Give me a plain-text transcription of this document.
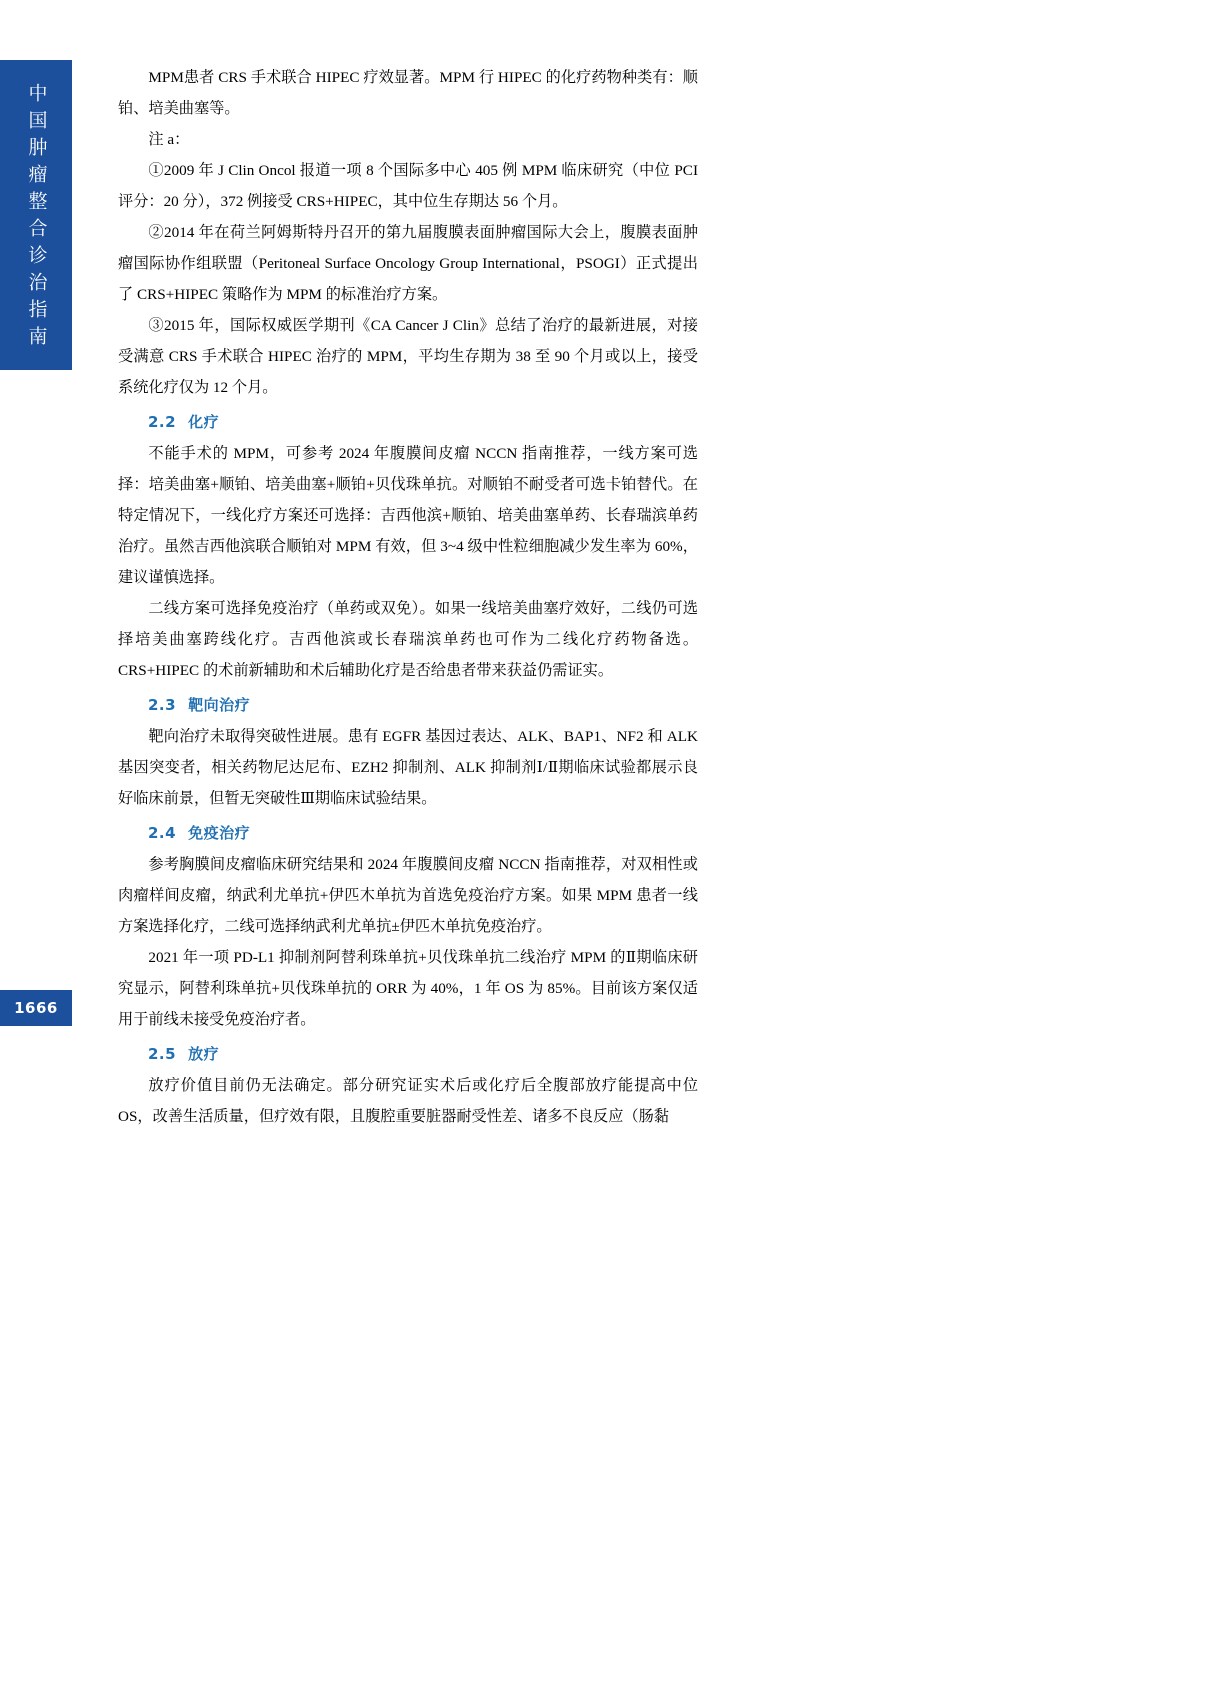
中国肿瘤整合诊治指南
1666

MPM患者 CRS 手术联合 HIPEC 疗效显著。MPM 行 HIPEC 的化疗药物种类有：顺铂、培美曲塞等。

注 a：

①2009 年 J Clin Oncol 报道一项 8 个国际多中心 405 例 MPM 临床研究（中位 PCI 评分：20 分），372 例接受 CRS+HIPEC，其中位生存期达 56 个月。

②2014 年在荷兰阿姆斯特丹召开的第九届腹膜表面肿瘤国际大会上，腹膜表面肿瘤国际协作组联盟（Peritoneal Surface Oncology Group International，PSOGI）正式提出了 CRS+HIPEC 策略作为 MPM 的标准治疗方案。

③2015 年，国际权威医学期刊《CA Cancer J Clin》总结了治疗的最新进展，对接受满意 CRS 手术联合 HIPEC 治疗的 MPM，平均生存期为 38 至 90 个月或以上，接受系统化疗仅为 12 个月。

2.2 化疗

不能手术的 MPM，可参考 2024 年腹膜间皮瘤 NCCN 指南推荐，一线方案可选择：培美曲塞+顺铂、培美曲塞+顺铂+贝伐珠单抗。对顺铂不耐受者可选卡铂替代。在特定情况下，一线化疗方案还可选择：吉西他滨+顺铂、培美曲塞单药、长春瑞滨单药治疗。虽然吉西他滨联合顺铂对 MPM 有效，但 3~4 级中性粒细胞减少发生率为 60%，建议谨慎选择。

二线方案可选择免疫治疗（单药或双免）。如果一线培美曲塞疗效好，二线仍可选择培美曲塞跨线化疗。吉西他滨或长春瑞滨单药也可作为二线化疗药物备选。CRS+HIPEC 的术前新辅助和术后辅助化疗是否给患者带来获益仍需证实。

2.3 靶向治疗

靶向治疗未取得突破性进展。患有 EGFR 基因过表达、ALK、BAP1、NF2 和 ALK 基因突变者，相关药物尼达尼布、EZH2 抑制剂、ALK 抑制剂Ⅰ/Ⅱ期临床试验都展示良好临床前景，但暂无突破性Ⅲ期临床试验结果。

2.4 免疫治疗

参考胸膜间皮瘤临床研究结果和 2024 年腹膜间皮瘤 NCCN 指南推荐，对双相性或肉瘤样间皮瘤，纳武利尤单抗+伊匹木单抗为首选免疫治疗方案。如果 MPM 患者一线方案选择化疗，二线可选择纳武利尤单抗±伊匹木单抗免疫治疗。

2021 年一项 PD-L1 抑制剂阿替利珠单抗+贝伐珠单抗二线治疗 MPM 的Ⅱ期临床研究显示，阿替利珠单抗+贝伐珠单抗的 ORR 为 40%，1 年 OS 为 85%。目前该方案仅适用于前线未接受免疫治疗者。

2.5 放疗

放疗价值目前仍无法确定。部分研究证实术后或化疗后全腹部放疗能提高中位 OS，改善生活质量，但疗效有限，且腹腔重要脏器耐受性差、诸多不良反应（肠黏
